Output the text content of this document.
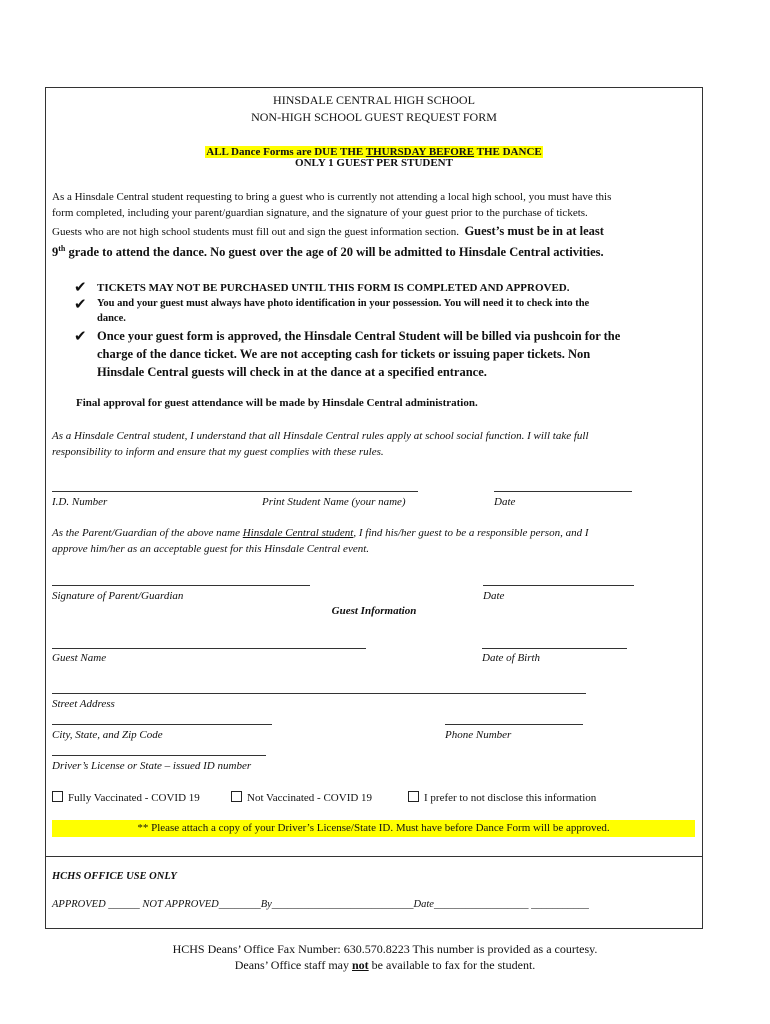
HINSDALE CENTRAL HIGH SCHOOL
NON-HIGH SCHOOL GUEST REQUEST FORM
ALL Dance Forms are DUE THE THURSDAY BEFORE THE DANCE
ONLY 1 GUEST PER STUDENT
As a Hinsdale Central student requesting to bring a guest who is currently not attending a local high school, you must have this
form completed, including your parent/guardian signature, and the signature of your guest prior to the purchase of tickets.
Guests who are not high school students must fill out and sign the guest information section. Guest’s must be in at least
9th grade to attend the dance. No guest over the age of 20 will be admitted to Hinsdale Central activities.
✔ TICKETS MAY NOT BE PURCHASED UNTIL THIS FORM IS COMPLETED AND APPROVED.
✔ You and your guest must always have photo identification in your possession. You will need it to check into the
dance.
✔ Once your guest form is approved, the Hinsdale Central Student will be billed via pushcoin for the
charge of the dance ticket. We are not accepting cash for tickets or issuing paper tickets. Non
Hinsdale Central guests will check in at the dance at a specified entrance.
Final approval for guest attendance will be made by Hinsdale Central administration.
As a Hinsdale Central student, I understand that all Hinsdale Central rules apply at school social function. I will take full
responsibility to inform and ensure that my guest complies with these rules.
I.D. Number	Print Student Name (your name)	Date
As the Parent/Guardian of the above name Hinsdale Central student, I find his/her guest to be a responsible person, and I
approve him/her as an acceptable guest for this Hinsdale Central event.
Signature of Parent/Guardian	Date
Guest Information
Guest Name	Date of Birth
Street Address
City, State, and Zip Code	Phone Number
Driver’s License or State – issued ID number
Fully Vaccinated - COVID 19	Not Vaccinated - COVID 19	I prefer to not disclose this information
** Please attach a copy of your Driver’s License/State ID. Must have before Dance Form will be approved.
HCHS OFFICE USE ONLY
APPROVED ______ NOT APPROVED________By___________________________Date__________________ ___________
HCHS Deans’ Office Fax Number: 630.570.8223 This number is provided as a courtesy.
Deans’ Office staff may not be available to fax for the student.
